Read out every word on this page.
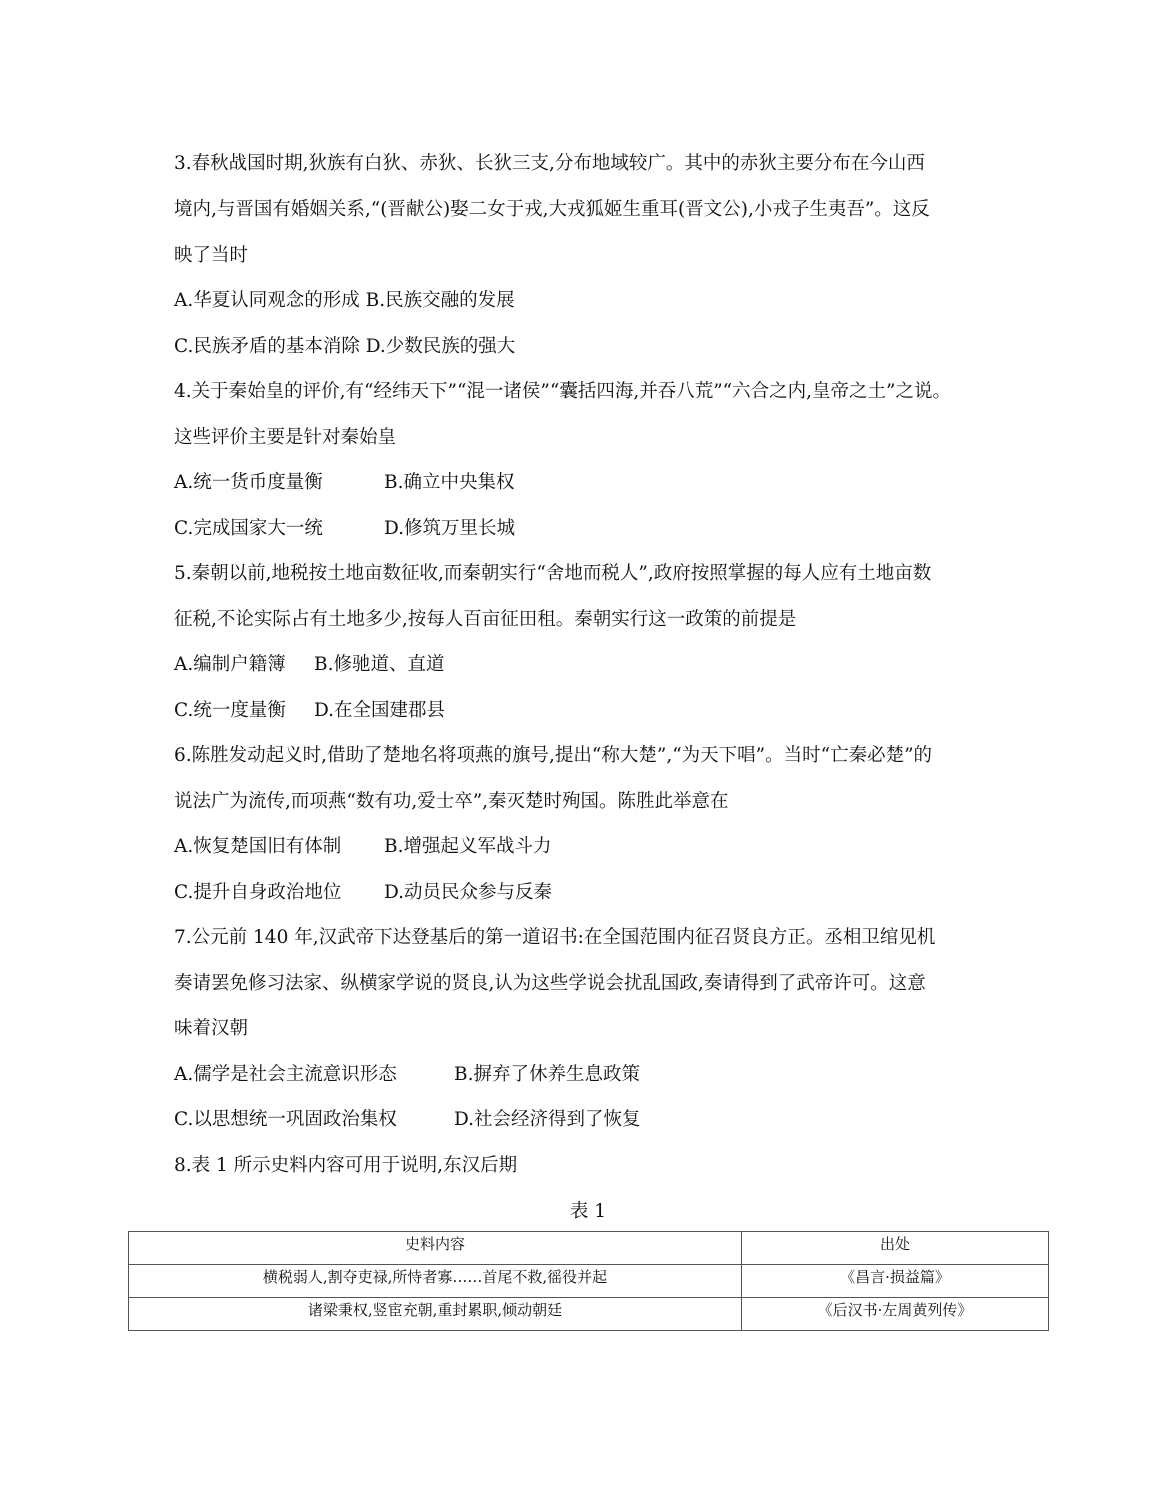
3.春秋战国时期,狄族有白狄、赤狄、长狄三支,分布地域较广。其中的赤狄主要分布在今山西
境内,与晋国有婚姻关系,“(晋献公)娶二女于戎,大戎狐姬生重耳(晋文公),小戎子生夷吾”。这反
映了当时
A.华夏认同观念的形成 B.民族交融的发展
C.民族矛盾的基本消除 D.少数民族的强大
4.关于秦始皇的评价,有“经纬天下”“混一诸侯”“囊括四海,并吞八荒”“六合之内,皇帝之土”之说。
这些评价主要是针对秦始皇
A.统一货币度量衡	B.确立中央集权
C.完成国家大一统	D.修筑万里长城
5.秦朝以前,地税按土地亩数征收,而秦朝实行“舍地而税人”,政府按照掌握的每人应有土地亩数
征税,不论实际占有土地多少,按每人百亩征田租。秦朝实行这一政策的前提是
A.编制户籍簿 B.修驰道、直道
C.统一度量衡 D.在全国建郡县
6.陈胜发动起义时,借助了楚地名将项燕的旗号,提出“称大楚”,“为天下唱”。当时“亡秦必楚”的
说法广为流传,而项燕“数有功,爱士卒”,秦灭楚时殉国。陈胜此举意在
A.恢复楚国旧有体制 B.增强起义军战斗力
C.提升自身政治地位 D.动员民众参与反秦
7.公元前 140 年,汉武帝下达登基后的第一道诏书:在全国范围内征召贤良方正。丞相卫绾见机
奏请罢免修习法家、纵横家学说的贤良,认为这些学说会扰乱国政,奏请得到了武帝许可。这意
味着汉朝
A.儒学是社会主流意识形态	B.摒弃了休养生息政策
C.以思想统一巩固政治集权	D.社会经济得到了恢复
8.表 1 所示史料内容可用于说明,东汉后期
表 1
史料内容	出处
横税弱人,割夺吏禄,所恃者寡……首尾不救,徭役并起	《昌言·损益篇》
诸梁秉权,竖宦充朝,重封累职,倾动朝廷	《后汉书·左周黄列传》
